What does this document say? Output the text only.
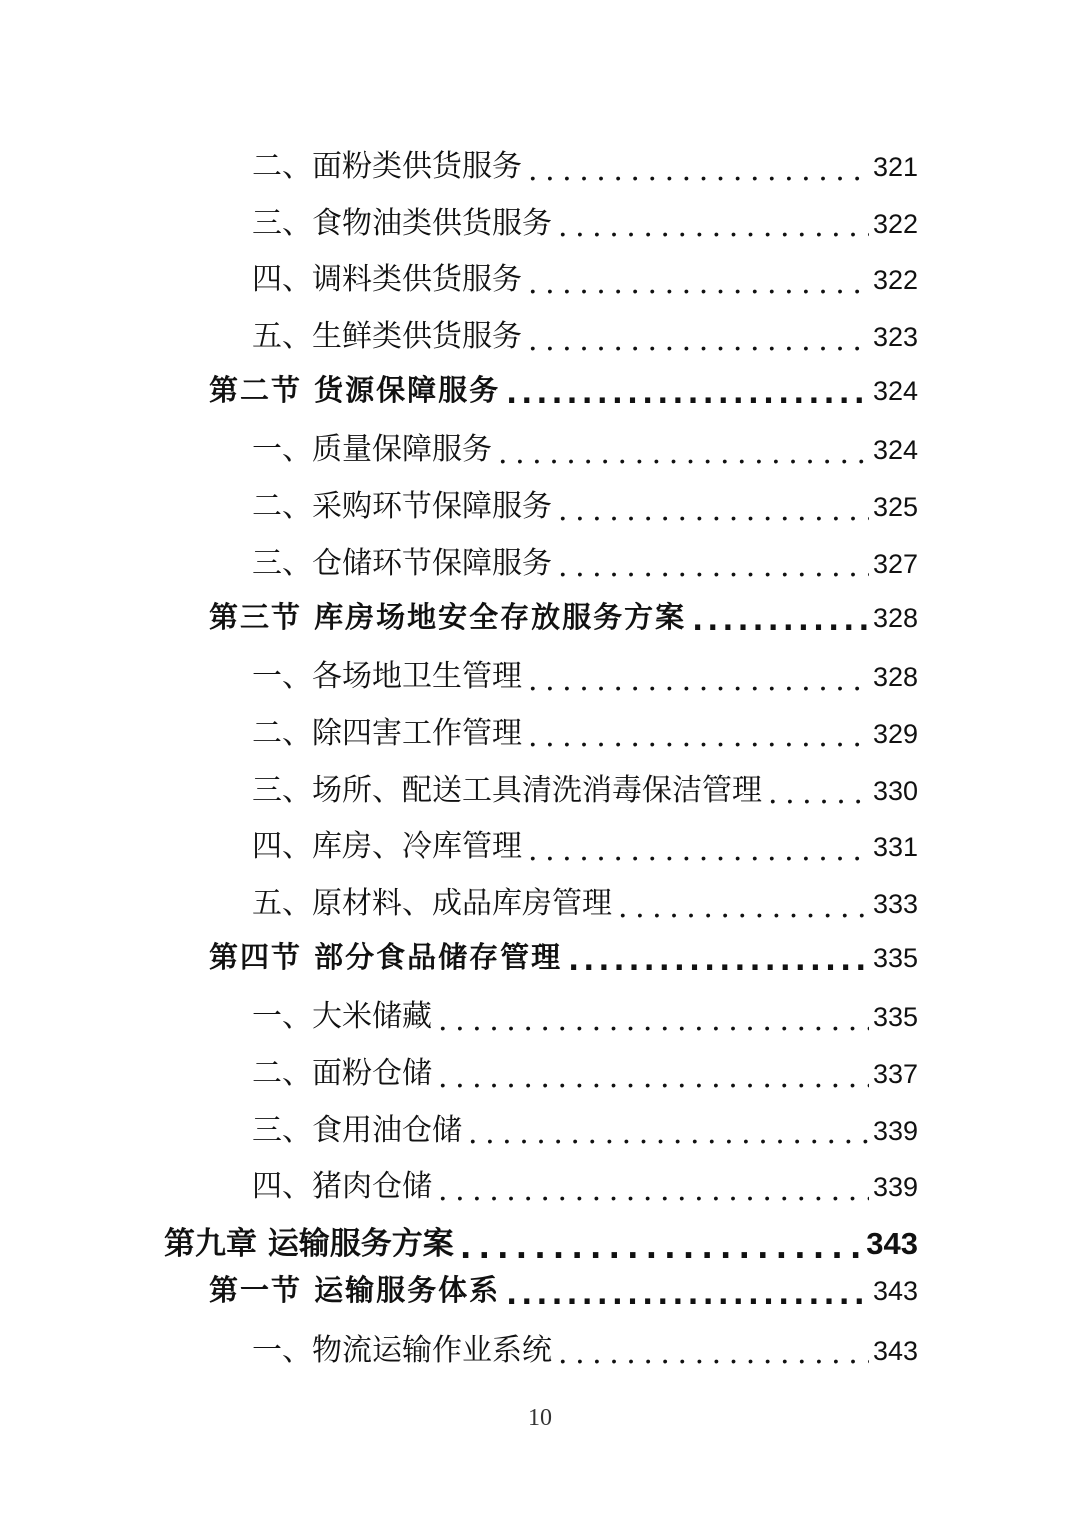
二、面粉类供货服务 . . .	321
三、食物油类供货服务 . . .	322
四、调料类供货服务 . . .	322
五、生鲜类供货服务 . . .	323
第二节 货源保障服务 . . .	324
一、质量保障服务 . . .	324
二、采购环节保障服务 . . .	325
三、仓储环节保障服务 . . .	327
第三节 库房场地安全存放服务方案 . . .	328
一、各场地卫生管理 . . .	328
二、除四害工作管理 . . .	329
三、场所、配送工具清洗消毒保洁管理 . . .	330
四、库房、冷库管理 . . .	331
五、原材料、成品库房管理 . . .	333
第四节 部分食品储存管理 . . .	335
一、大米储藏 . . .	335
二、面粉仓储 . . .	337
三、食用油仓储 . . .	339
四、猪肉仓储 . . .	339
第九章 运输服务方案 . . .	343
第一节 运输服务体系 . . .	343
一、物流运输作业系统 . . .	343
10
